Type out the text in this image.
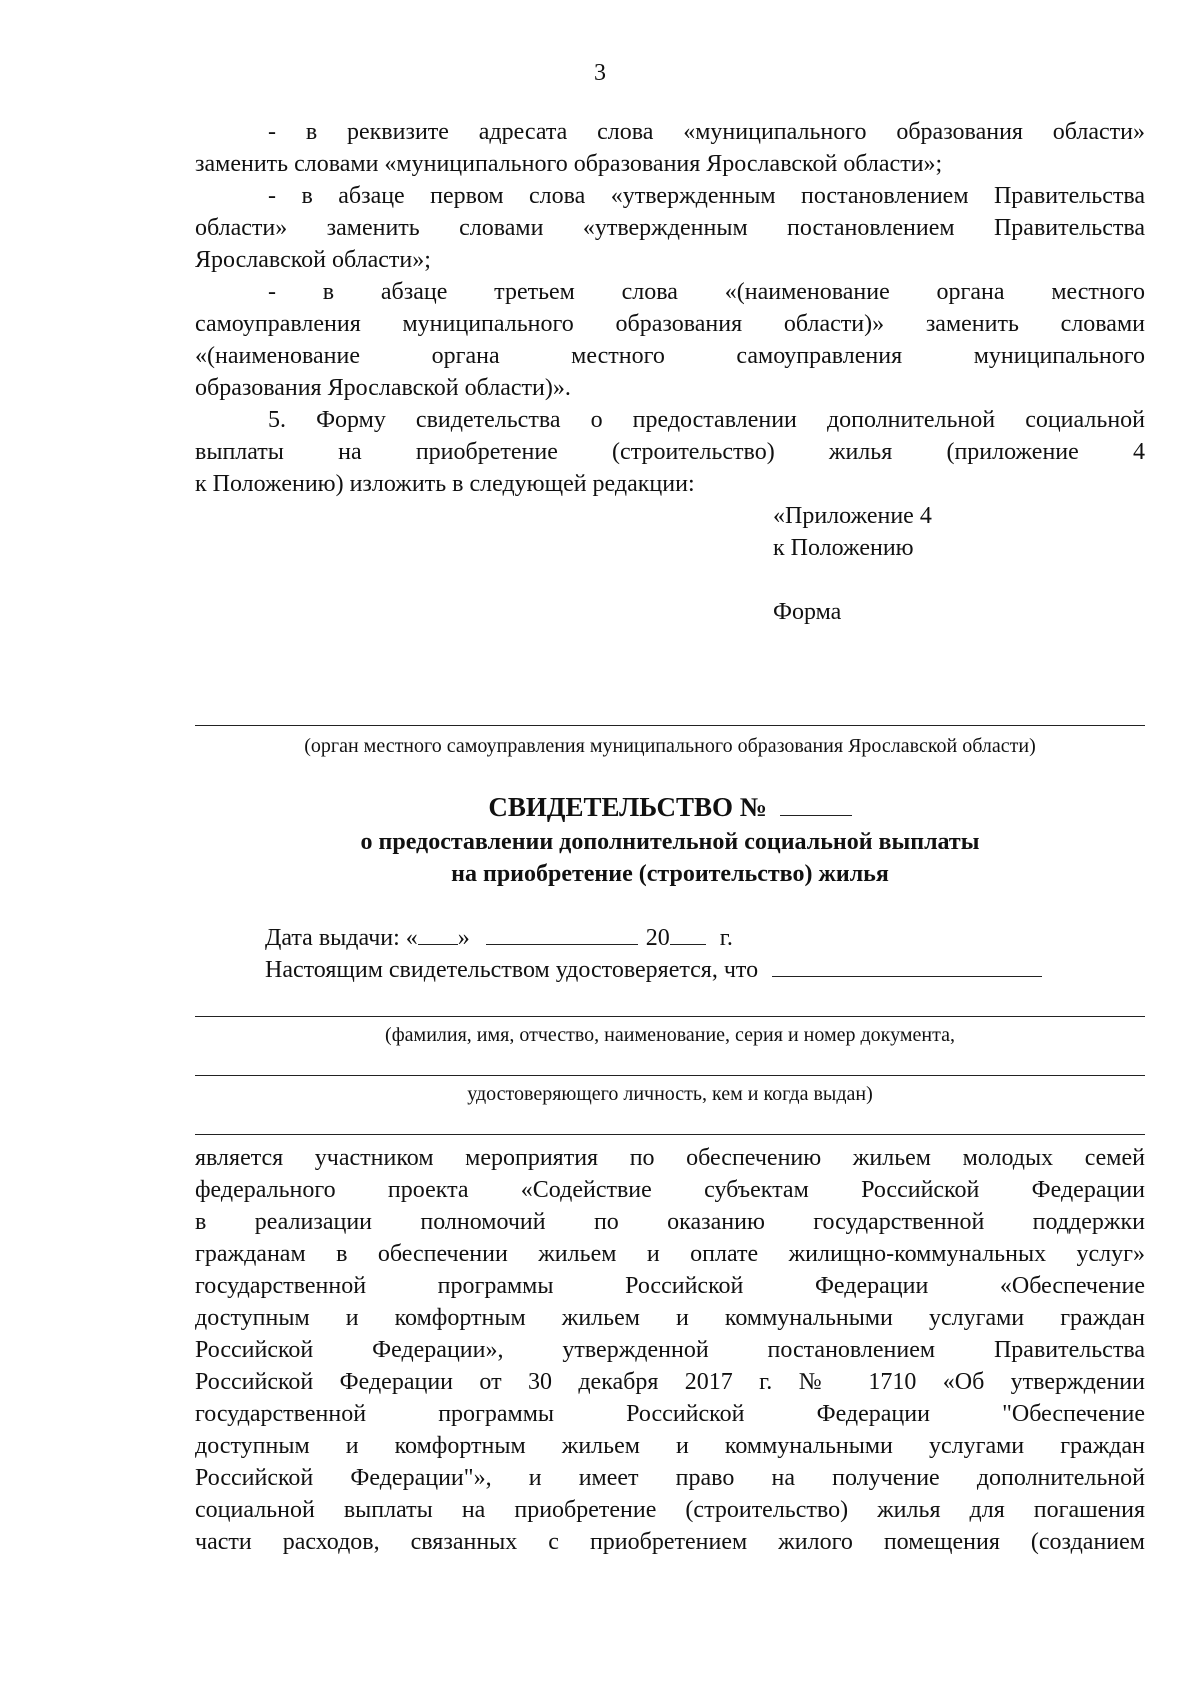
3
- в реквизите адресата слова «муниципального образования области»
заменить словами «муниципального образования Ярославской области»;
- в абзаце первом слова «утвержденным постановлением Правительства
области» заменить словами «утвержденным постановлением Правительства
Ярославской области»;
- в абзаце третьем слова «(наименование органа местного
самоуправления муниципального образования области)» заменить словами
«(наименование органа местного самоуправления муниципального
образования Ярославской области)».
5. Форму свидетельства о предоставлении дополнительной социальной
выплаты на приобретение (строительство) жилья (приложение 4
к Положению) изложить в следующей редакции:
«Приложение 4
к Положению
Форма
(орган местного самоуправления муниципального образования Ярославской области)
СВИДЕТЕЛЬСТВО №
о предоставлении дополнительной социальной выплаты
на приобретение (строительство) жилья
Дата выдачи: « »	20 г.
Настоящим свидетельством удостоверяется, что
(фамилия, имя, отчество, наименование, серия и номер документа,
удостоверяющего личность, кем и когда выдан)
является участником мероприятия по обеспечению жильем молодых семей
федерального проекта «Содействие субъектам Российской Федерации
в реализации полномочий по оказанию государственной поддержки
гражданам в обеспечении жильем и оплате жилищно-коммунальных услуг»
государственной программы Российской Федерации «Обеспечение
доступным и комфортным жильем и коммунальными услугами граждан
Российской Федерации», утвержденной постановлением Правительства
Российской Федерации от 30 декабря 2017 г. № 1710 «Об утверждении
государственной программы Российской Федерации "Обеспечение
доступным и комфортным жильем и коммунальными услугами граждан
Российской Федерации"», и имеет право на получение дополнительной
социальной выплаты на приобретение (строительство) жилья для погашения
части расходов, связанных с приобретением жилого помещения (созданием
